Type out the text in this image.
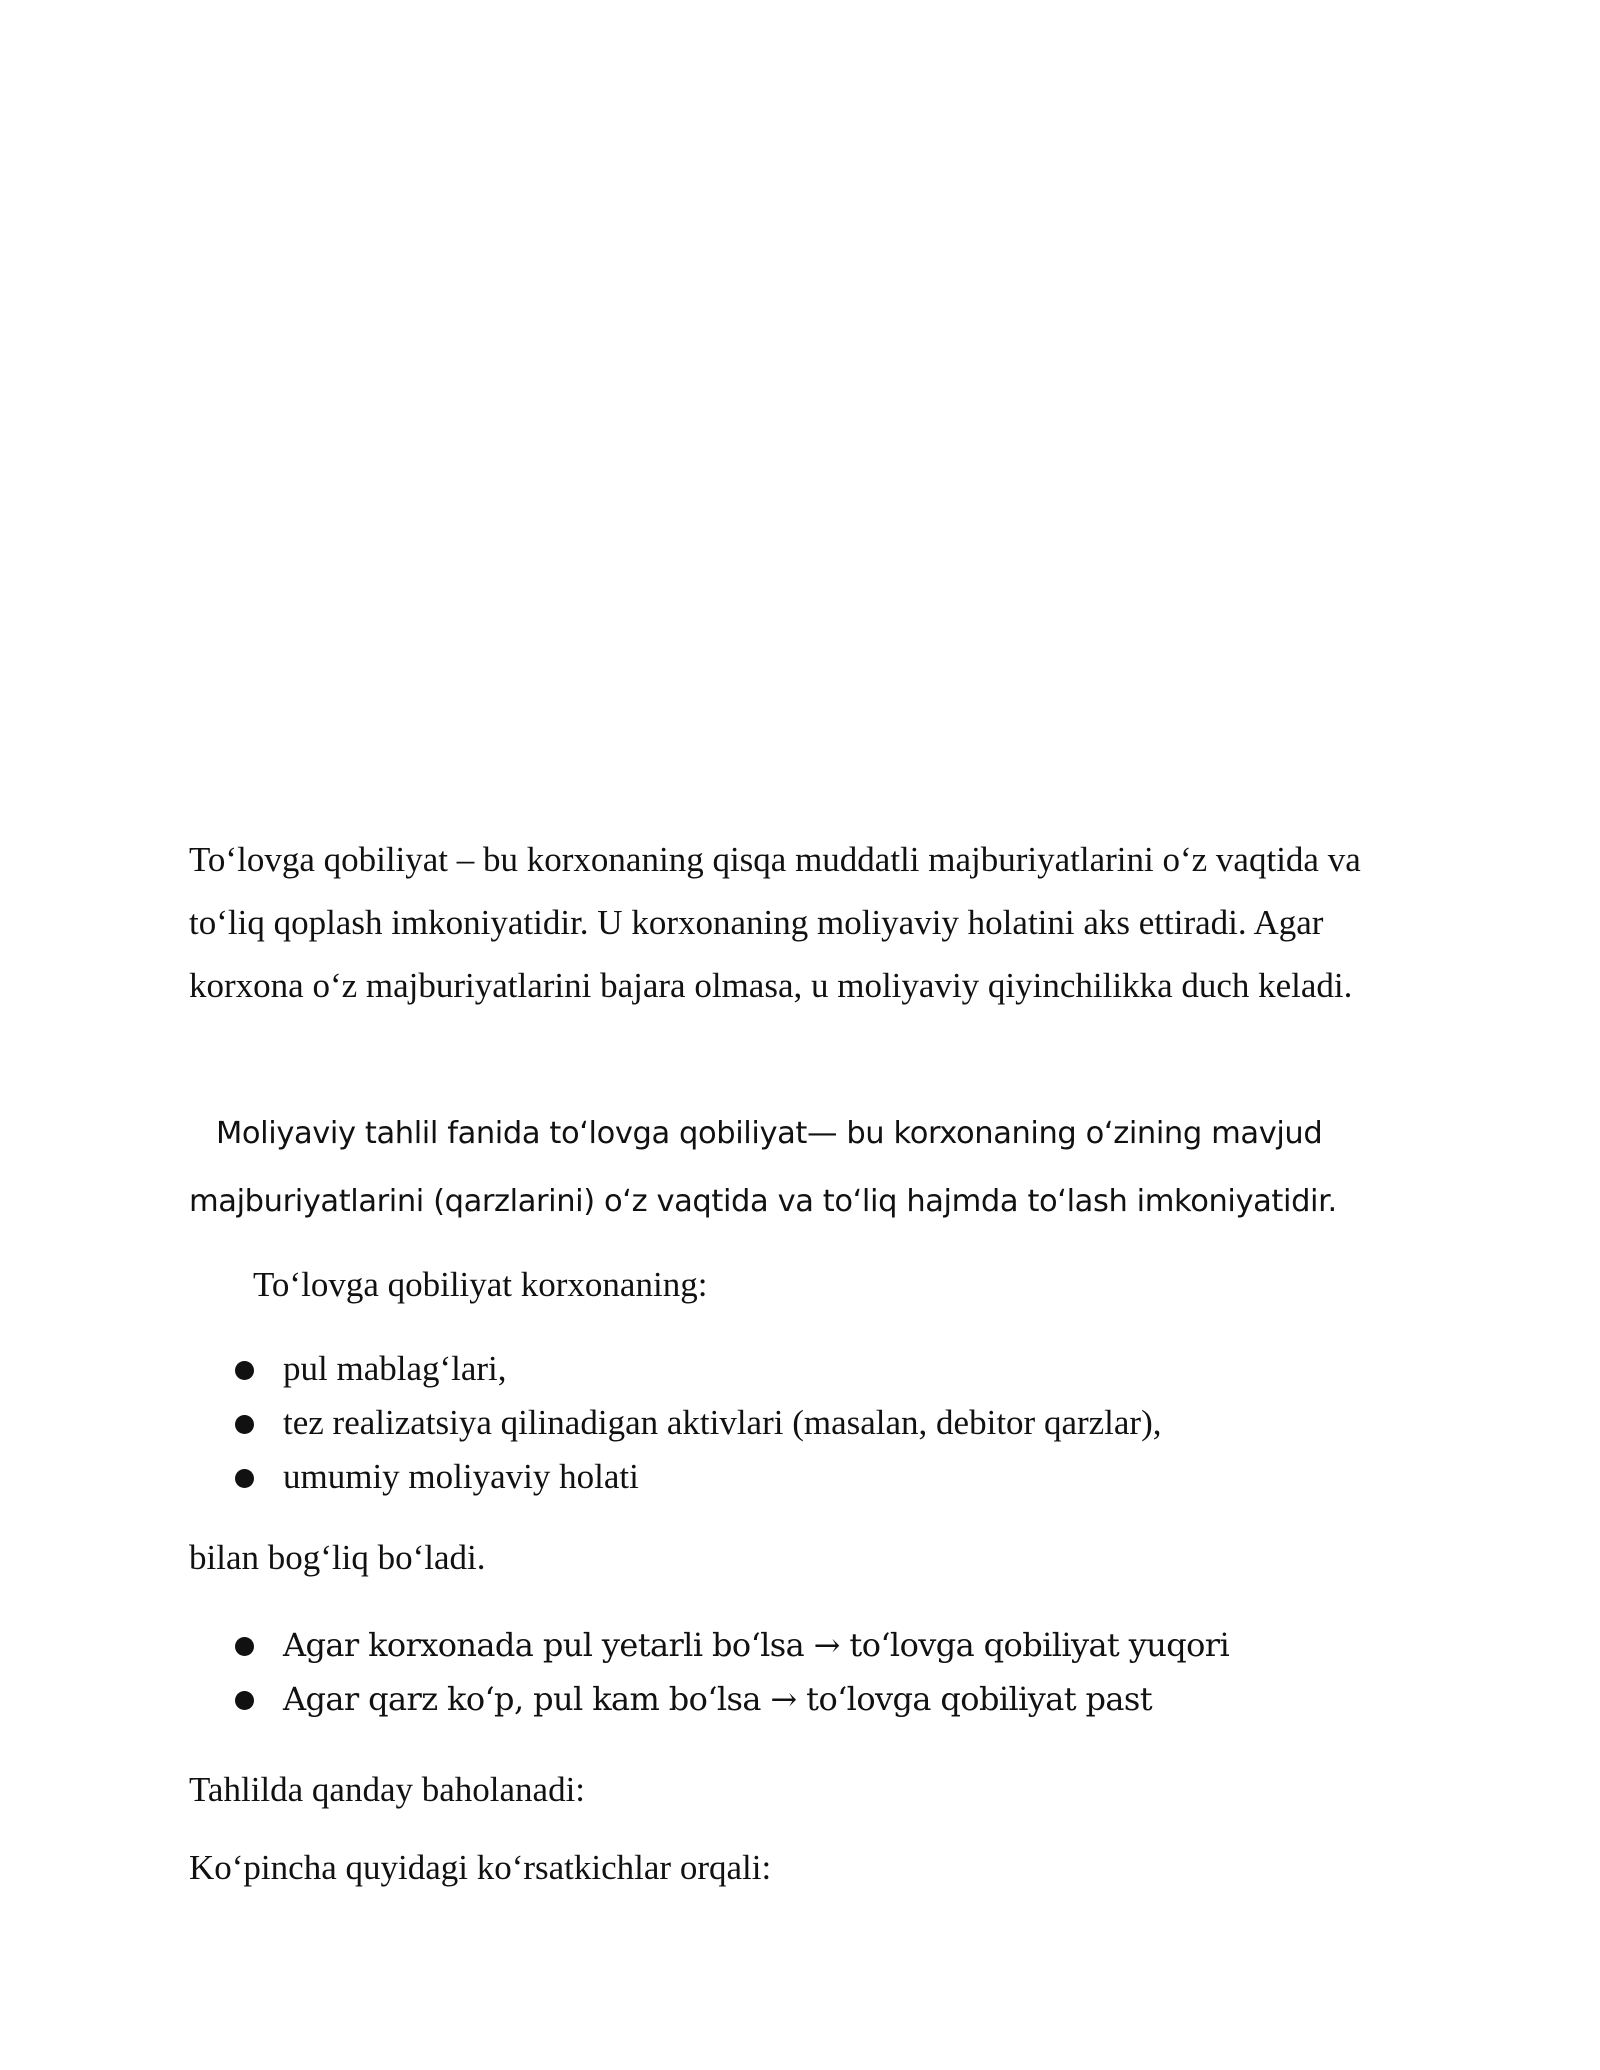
To‘lovga qobiliyat – bu korxonaning qisqa muddatli majburiyatlarini o‘z vaqtida va to‘liq qoplash imkoniyatidir. U korxonaning moliyaviy holatini aks ettiradi. Agar korxona o‘z majburiyatlarini bajara olmasa, u moliyaviy qiyinchilikka duch keladi.

Moliyaviy tahlil fanida to‘lovga qobiliyat— bu korxonaning o‘zining mavjud majburiyatlarini (qarzlarini) o‘z vaqtida va to‘liq hajmda to‘lash imkoniyatidir.

To‘lovga qobiliyat korxonaning:

pul mablag‘lari,
tez realizatsiya qilinadigan aktivlari (masalan, debitor qarzlar),
umumiy moliyaviy holati

bilan bog‘liq bo‘ladi.

Agar korxonada pul yetarli bo‘lsa → to‘lovga qobiliyat yuqori
Agar qarz ko‘p, pul kam bo‘lsa → to‘lovga qobiliyat past

Tahlilda qanday baholanadi:

Ko‘pincha quyidagi ko‘rsatkichlar orqali:
